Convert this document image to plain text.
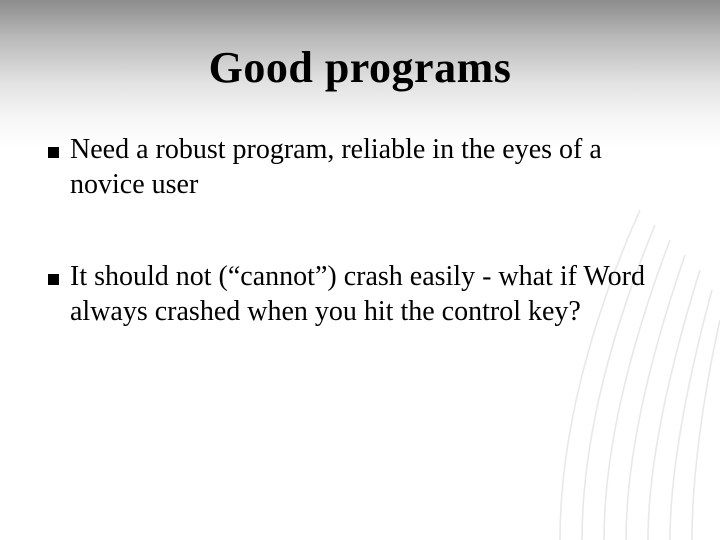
Good programs
Need a robust program, reliable in the eyes of a novice user
It should not (“cannot”) crash easily - what if Word always crashed when you hit the control key?
